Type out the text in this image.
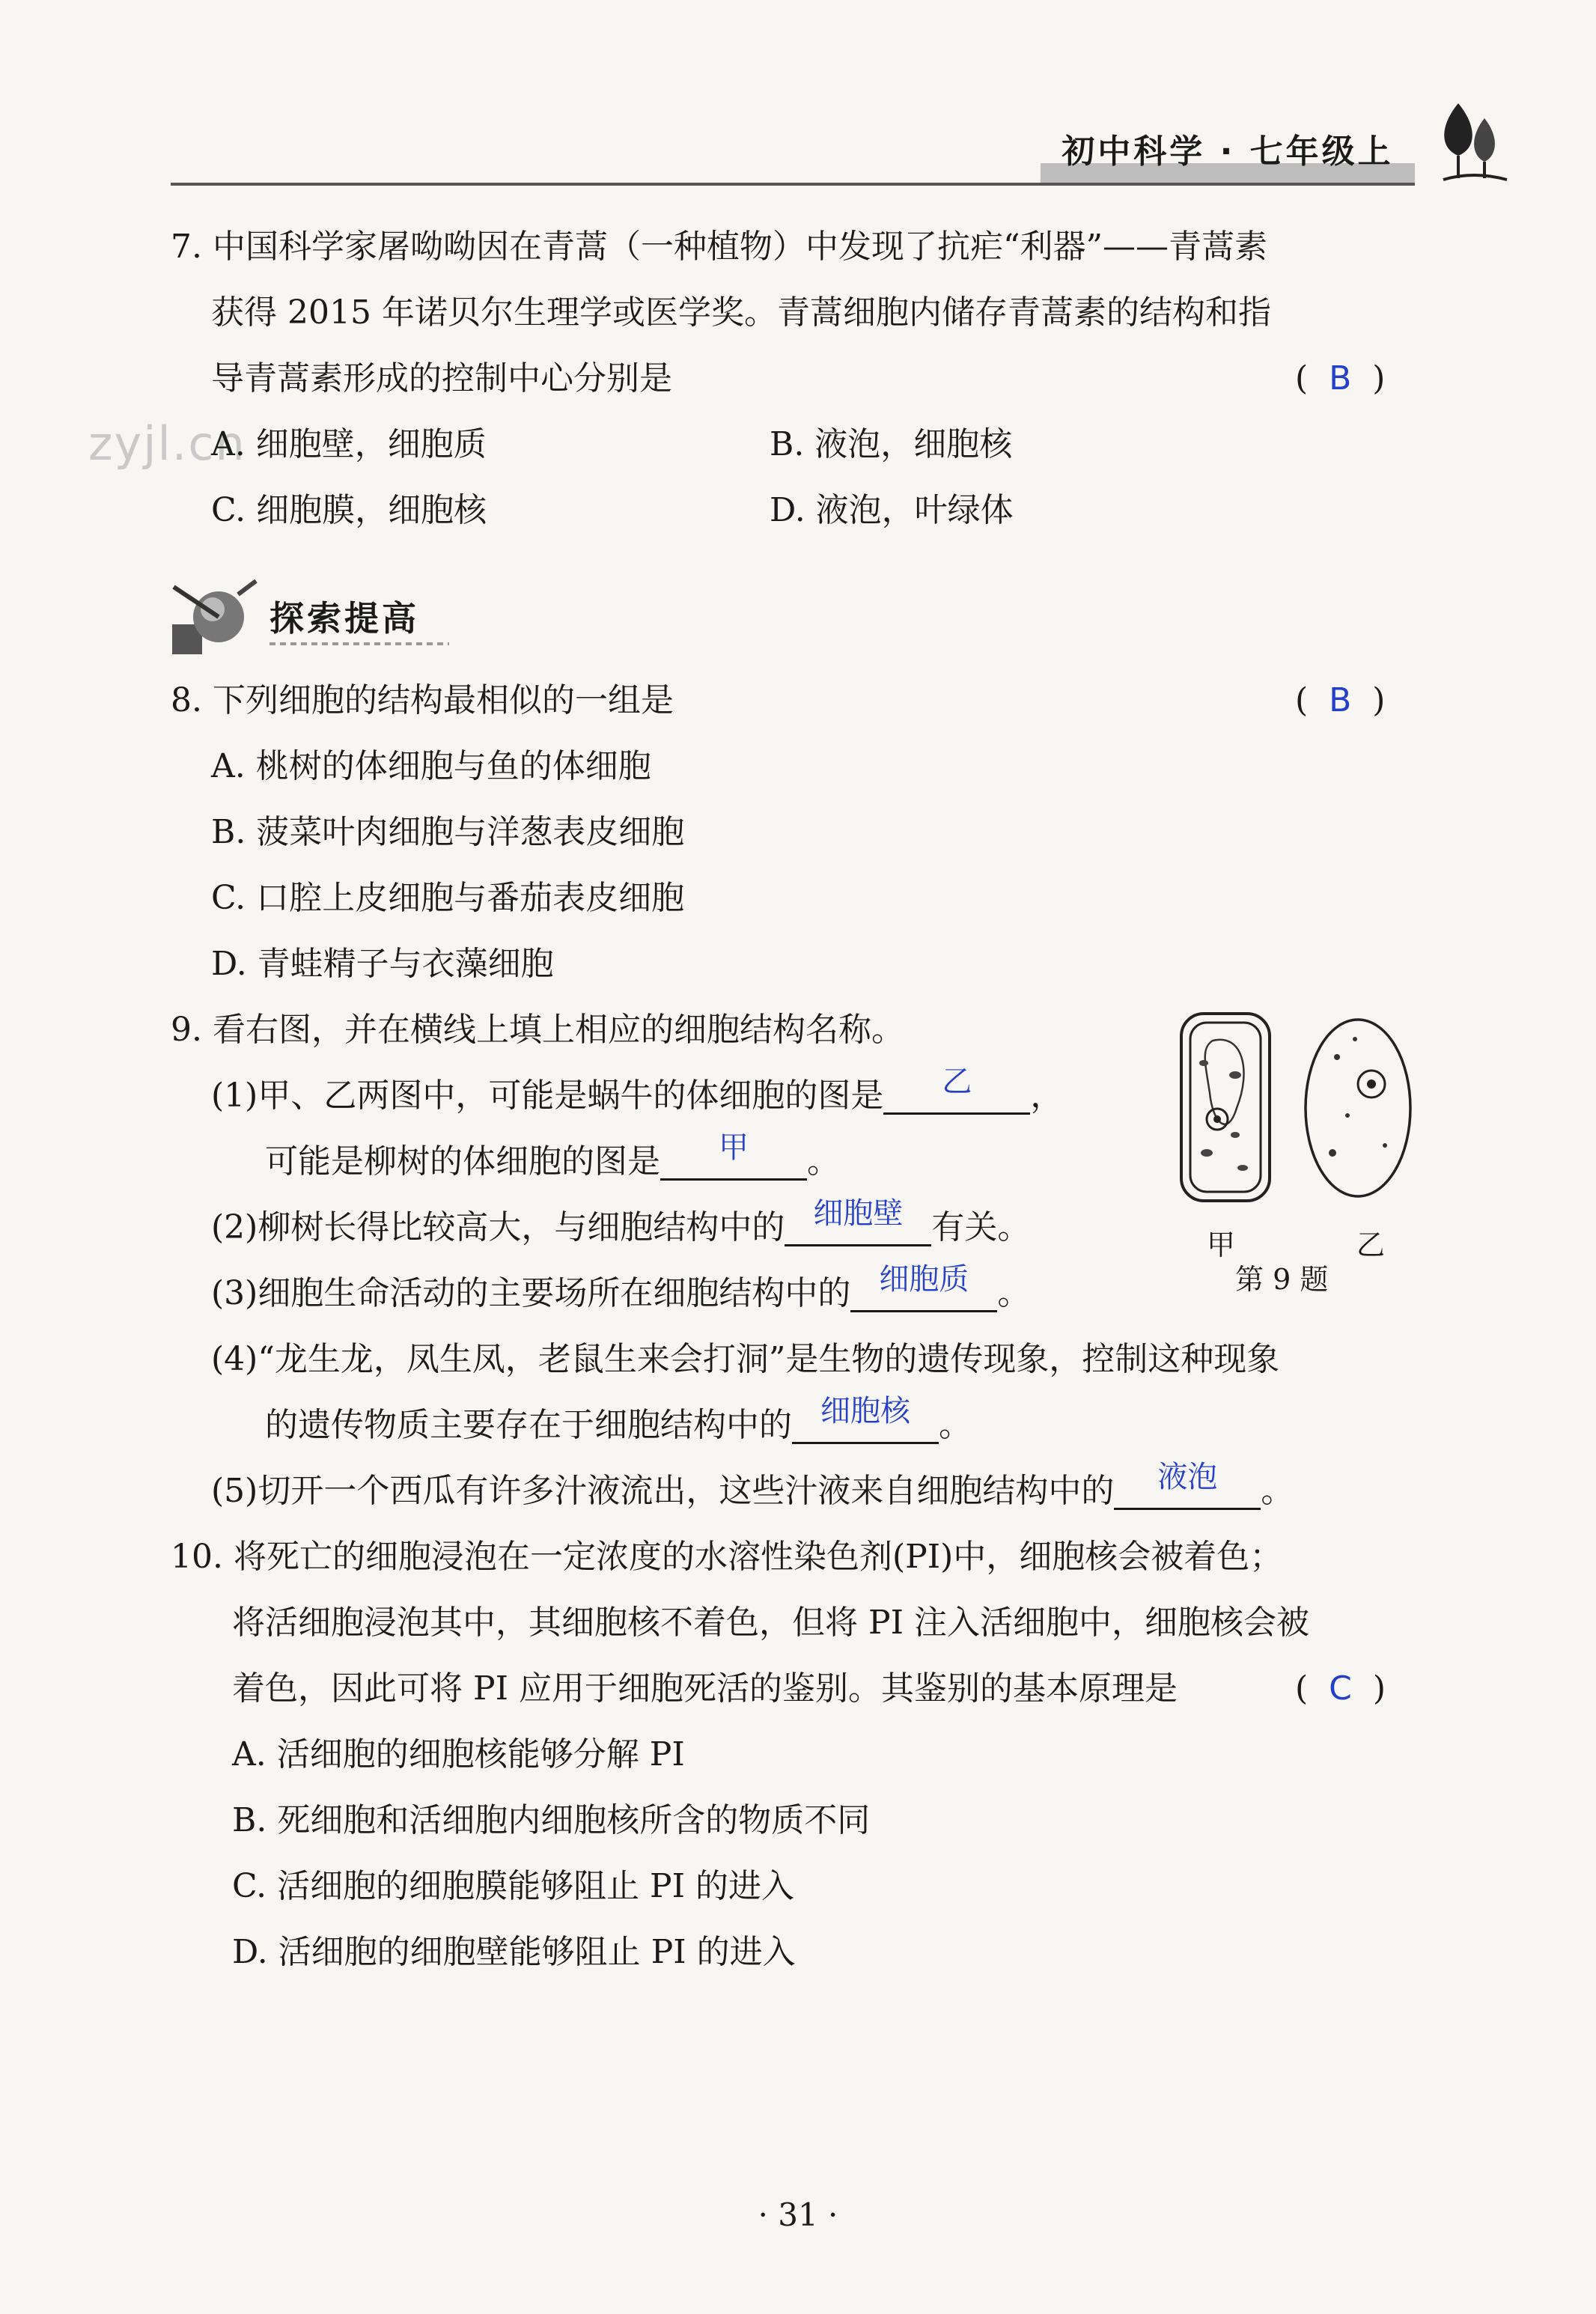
初中科学 · 七年级上
zyjl.cn
7. 中国科学家屠呦呦因在青蒿（一种植物）中发现了抗疟“利器”——青蒿素
获得 2015 年诺贝尔生理学或医学奖。青蒿细胞内储存青蒿素的结构和指
导青蒿素形成的控制中心分别是	(  B  )
A. 细胞壁，细胞质	B. 液泡，细胞核
C. 细胞膜，细胞核	D. 液泡，叶绿体
探索提高
8. 下列细胞的结构最相似的一组是	(  B  )
A. 桃树的体细胞与鱼的体细胞
B. 菠菜叶肉细胞与洋葱表皮细胞
C. 口腔上皮细胞与番茄表皮细胞
D. 青蛙精子与衣藻细胞
9. 看右图，并在横线上填上相应的细胞结构名称。
(1)甲、乙两图中，可能是蜗牛的体细胞的图是 乙 ，
可能是柳树的体细胞的图是 甲 。
(2)柳树长得比较高大，与细胞结构中的 细胞壁 有关。
(3)细胞生命活动的主要场所在细胞结构中的 细胞质 。
(4)“龙生龙，凤生凤，老鼠生来会打洞”是生物的遗传现象，控制这种现象
的遗传物质主要存在于细胞结构中的 细胞核 。
(5)切开一个西瓜有许多汁液流出，这些汁液来自细胞结构中的 液泡 。
甲	乙
第 9 题
10. 将死亡的细胞浸泡在一定浓度的水溶性染色剂(PI)中，细胞核会被着色；
将活细胞浸泡其中，其细胞核不着色，但将 PI 注入活细胞中，细胞核会被
着色，因此可将 PI 应用于细胞死活的鉴别。其鉴别的基本原理是	(  C  )
A. 活细胞的细胞核能够分解 PI
B. 死细胞和活细胞内细胞核所含的物质不同
C. 活细胞的细胞膜能够阻止 PI 的进入
D. 活细胞的细胞壁能够阻止 PI 的进入
· 31 ·
